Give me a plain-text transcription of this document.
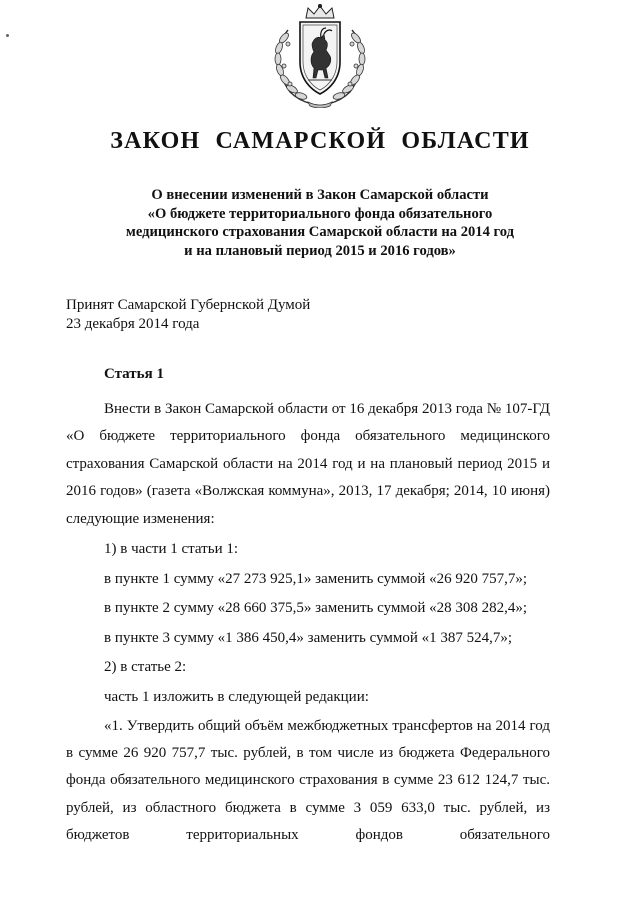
ЗАКОН САМАРСКОЙ ОБЛАСТИ
О внесении изменений в Закон Самарской области
«О бюджете территориального фонда обязательного
медицинского страхования Самарской области на 2014 год
и на плановый период 2015 и 2016 годов»
Принят Самарской Губернской Думой
23 декабря 2014 года
Статья 1

Внести в Закон Самарской области от 16 декабря 2013 года № 107-ГД «О бюджете территориального фонда обязательного медицинского страхования Самарской области на 2014 год и на плановый период 2015 и 2016 годов» (газета «Волжская коммуна», 2013, 17 декабря; 2014, 10 июня) следующие изменения:

1) в части 1 статьи 1:

в пункте 1 сумму «27 273 925,1» заменить суммой «26 920 757,7»;

в пункте 2 сумму «28 660 375,5» заменить суммой «28 308 282,4»;

в пункте 3 сумму «1 386 450,4» заменить суммой «1 387 524,7»;

2) в статье 2:

часть 1 изложить в следующей редакции:

«1. Утвердить общий объём межбюджетных трансфертов на 2014 год в сумме 26 920 757,7 тыс. рублей, в том числе из бюджета Федерального фонда обязательного медицинского страхования в сумме 23 612 124,7 тыс. рублей, из областного бюджета в сумме 3 059 633,0 тыс. рублей, из бюджетов территориальных фондов обязательного
